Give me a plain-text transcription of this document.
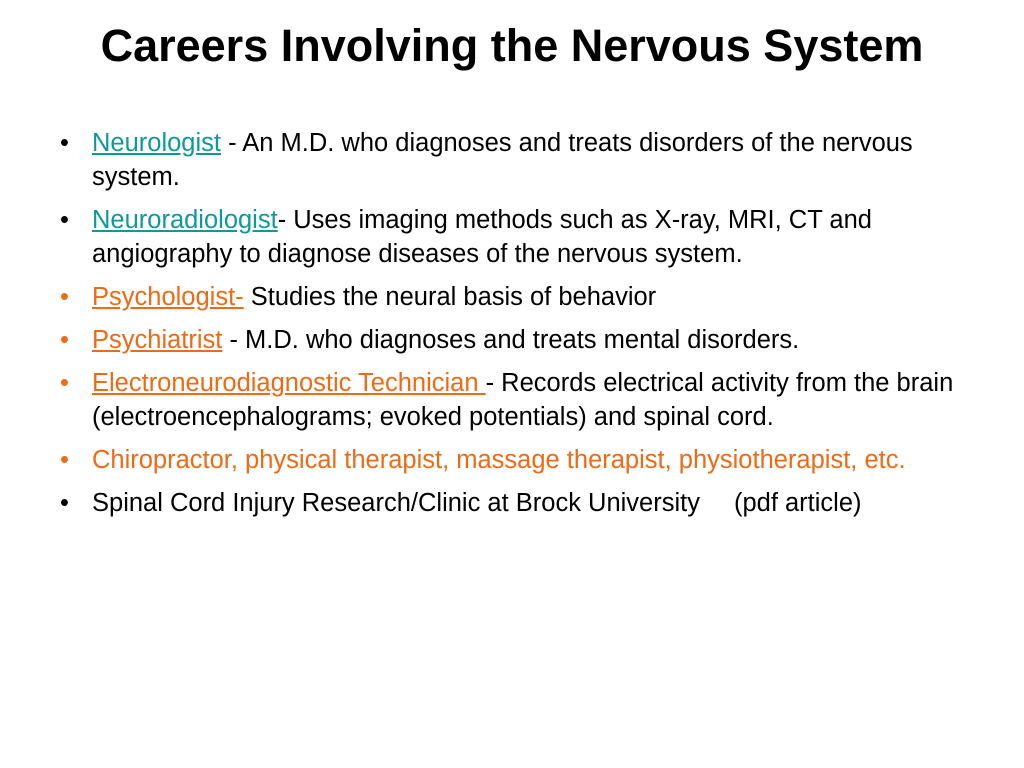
Careers Involving the Nervous System
• Neurologist - An M.D. who diagnoses and treats disorders of the nervous system.
• Neuroradiologist- Uses imaging methods such as X-ray, MRI, CT and angiography to diagnose diseases of the nervous system.
• Psychologist- Studies the neural basis of behavior
• Psychiatrist - M.D. who diagnoses and treats mental disorders.
• Electroneurodiagnostic Technician - Records electrical activity from the brain (electroencephalograms; evoked potentials) and spinal cord.
• Chiropractor, physical therapist, massage therapist, physiotherapist, etc.
• Spinal Cord Injury Research/Clinic at Brock University (pdf article)
